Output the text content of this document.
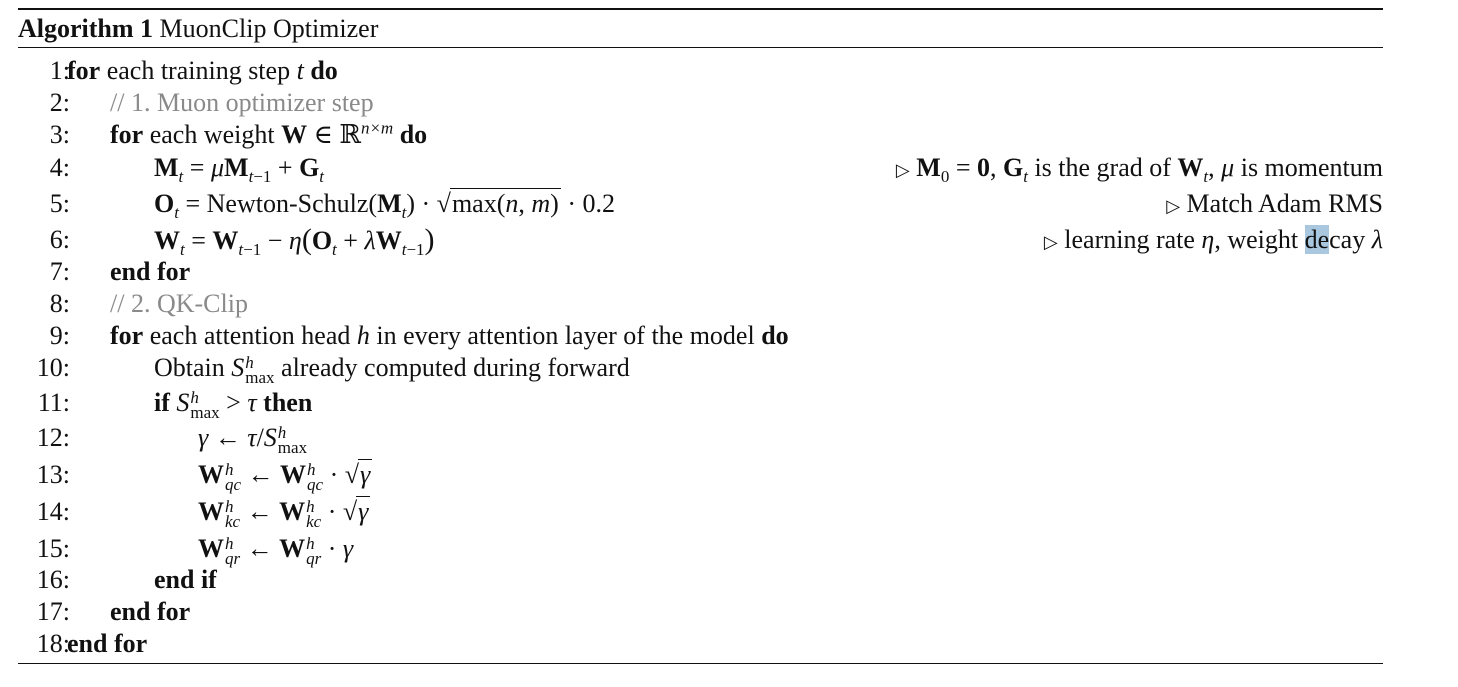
Algorithm 1 MuonClip Optimizer
1:
for each training step t do
2: // 1. Muon optimizer step
3: for each weight W ∈ ℝ$^{n\times m}$ do
4:	$M_t = \mu M_{t-1} + G_t$	▷ $M_0 = 0$, $G_t$ is the grad of $W_t$, μ is momentum
5:	$O_t$ = Newton-$Schulz(M_t) \cdot √\max(n$, m) · 0.2	▷ Match Adam RMS
6:	$W_t = W_{t-1} - \eta(O_t + \lambda W_{t-1})$	▷ learning rate η, weight decay λ
7: end for
8: // 2. QK-Clip
9: for each attention head h in every attention layer of the model do
10:	Obtain S h
max already computed during forward
11:	if S h
max > τ then
12:	γ ← τ/S h
max
13:	W h
qc ← W h
qc · √γ
14:	W h
kc ← W h
kc · √γ
15:	W h
qr ← W h
qr · γ
16:	end if
17: end for
18:
end for
